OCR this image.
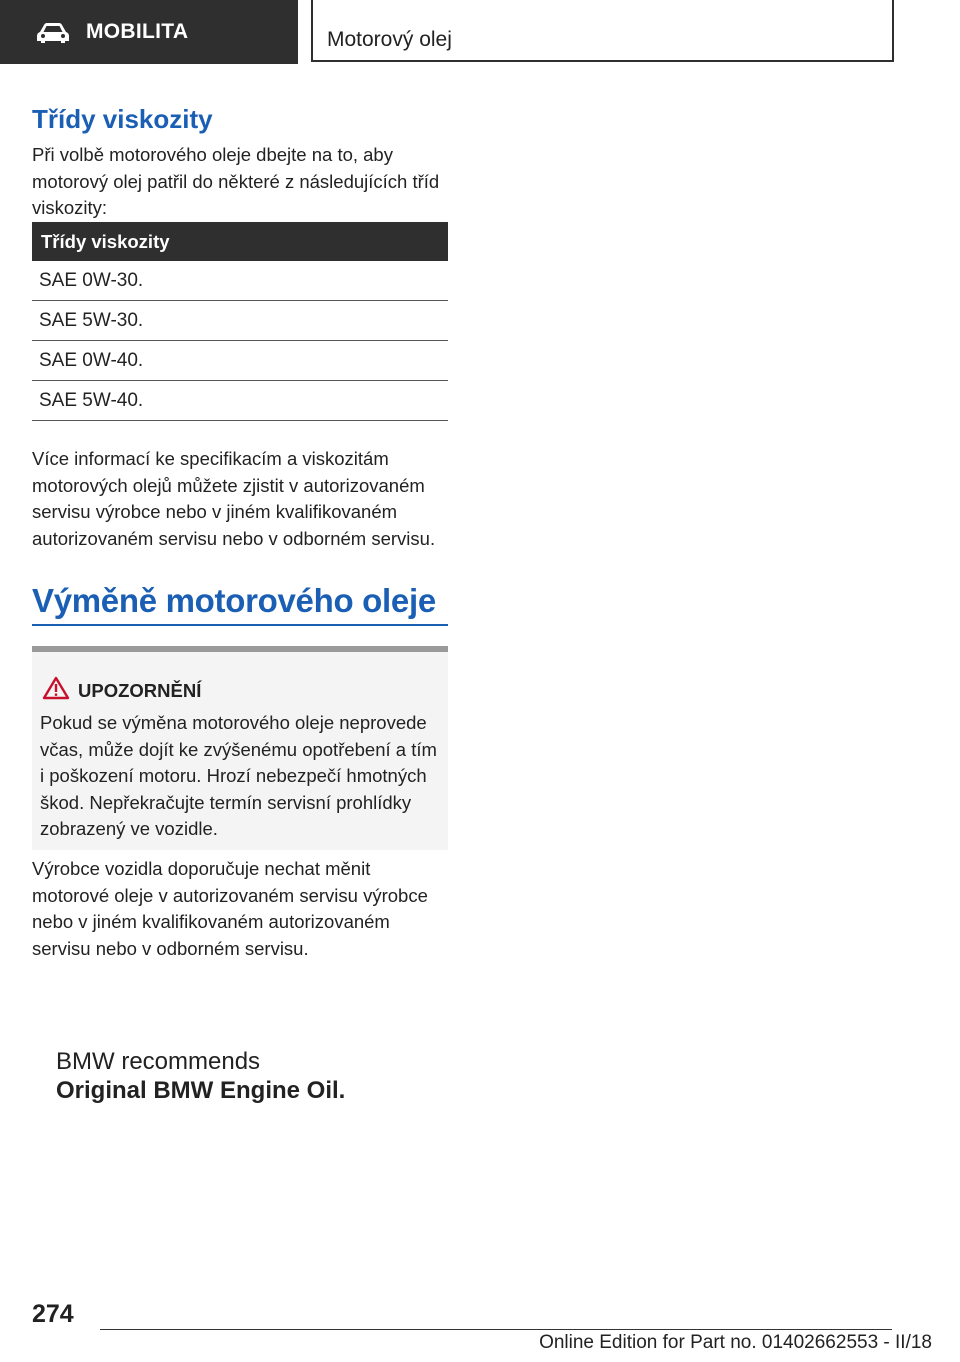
MOBILITA	Motorový olej
Třídy viskozity

Při volbě motorového oleje dbejte na to, aby motorový olej patřil do některé z následujících tříd viskozity:

Třídy viskozity
SAE 0W-30.
SAE 5W-30.
SAE 0W-40.
SAE 5W-40.

Více informací ke specifikacím a viskozitám motorových olejů můžete zjistit v autorizovaném servisu výrobce nebo v jiném kvalifikovaném autorizovaném servisu nebo v odborném servisu.

Výměně motorového oleje
UPOZORNĚNÍ

Pokud se výměna motorového oleje neprovede včas, může dojít ke zvýšenému opotřebení a tím i poškození motoru. Hrozí nebezpečí hmotných škod. Nepřekračujte termín servisní prohlídky zobrazený ve vozidle.

Výrobce vozidla doporučuje nechat měnit motorové oleje v autorizovaném servisu výrobce nebo v jiném kvalifikovaném autorizovaném servisu nebo v odborném servisu.

BMW recommends
Original BMW Engine Oil.
274
Online Edition for Part no. 01402662553 - II/18
